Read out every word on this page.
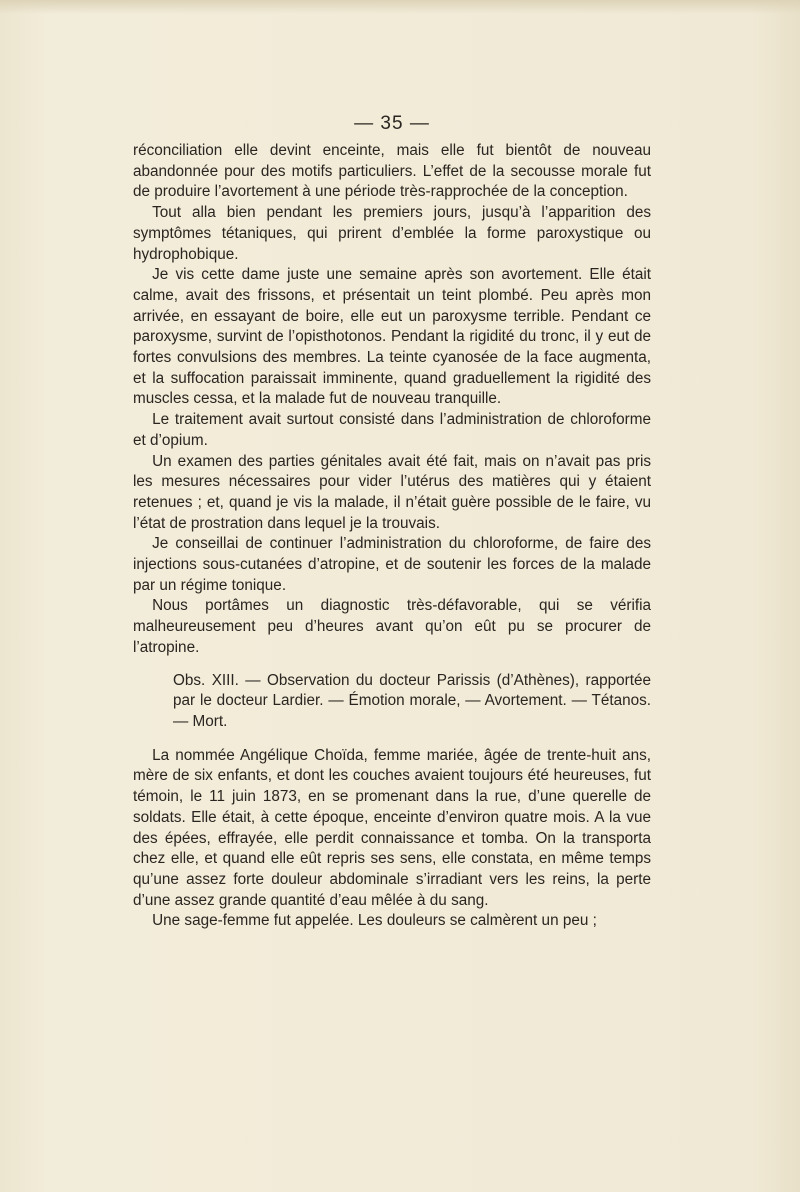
— 35 —

réconciliation elle devint enceinte, mais elle fut bientôt de nouveau abandonnée pour des motifs particuliers. L’effet de la secousse morale fut de produire l’avortement à une période très-rapprochée de la conception.

Tout alla bien pendant les premiers jours, jusqu’à l’apparition des symptômes tétaniques, qui prirent d’emblée la forme paroxystique ou hydrophobique.

Je vis cette dame juste une semaine après son avortement. Elle était calme, avait des frissons, et présentait un teint plombé. Peu après mon arrivée, en essayant de boire, elle eut un paroxysme terrible. Pendant ce paroxysme, survint de l’opisthotonos. Pendant la rigidité du tronc, il y eut de fortes convulsions des membres. La teinte cyanosée de la face augmenta, et la suffocation paraissait imminente, quand graduellement la rigidité des muscles cessa, et la malade fut de nouveau tranquille.

Le traitement avait surtout consisté dans l’administration de chloroforme et d’opium.

Un examen des parties génitales avait été fait, mais on n’avait pas pris les mesures nécessaires pour vider l’utérus des matières qui y étaient retenues ; et, quand je vis la malade, il n’était guère possible de le faire, vu l’état de prostration dans lequel je la trouvais.

Je conseillai de continuer l’administration du chloroforme, de faire des injections sous-cutanées d’atropine, et de soutenir les forces de la malade par un régime tonique.

Nous portâmes un diagnostic très-défavorable, qui se vérifia malheureusement peu d’heures avant qu’on eût pu se procurer de l’atropine.

Obs. XIII. — Observation du docteur Parissis (d’Athènes), rapportée par le docteur Lardier. — Émotion morale, — Avortement. — Tétanos. — Mort.

La nommée Angélique Choïda, femme mariée, âgée de trente-huit ans, mère de six enfants, et dont les couches avaient toujours été heureuses, fut témoin, le 11 juin 1873, en se promenant dans la rue, d’une querelle de soldats. Elle était, à cette époque, enceinte d’environ quatre mois. A la vue des épées, effrayée, elle perdit connaissance et tomba. On la transporta chez elle, et quand elle eût repris ses sens, elle constata, en même temps qu’une assez forte douleur abdominale s’irradiant vers les reins, la perte d’une assez grande quantité d’eau mêlée à du sang.

Une sage-femme fut appelée. Les douleurs se calmèrent un peu ;
